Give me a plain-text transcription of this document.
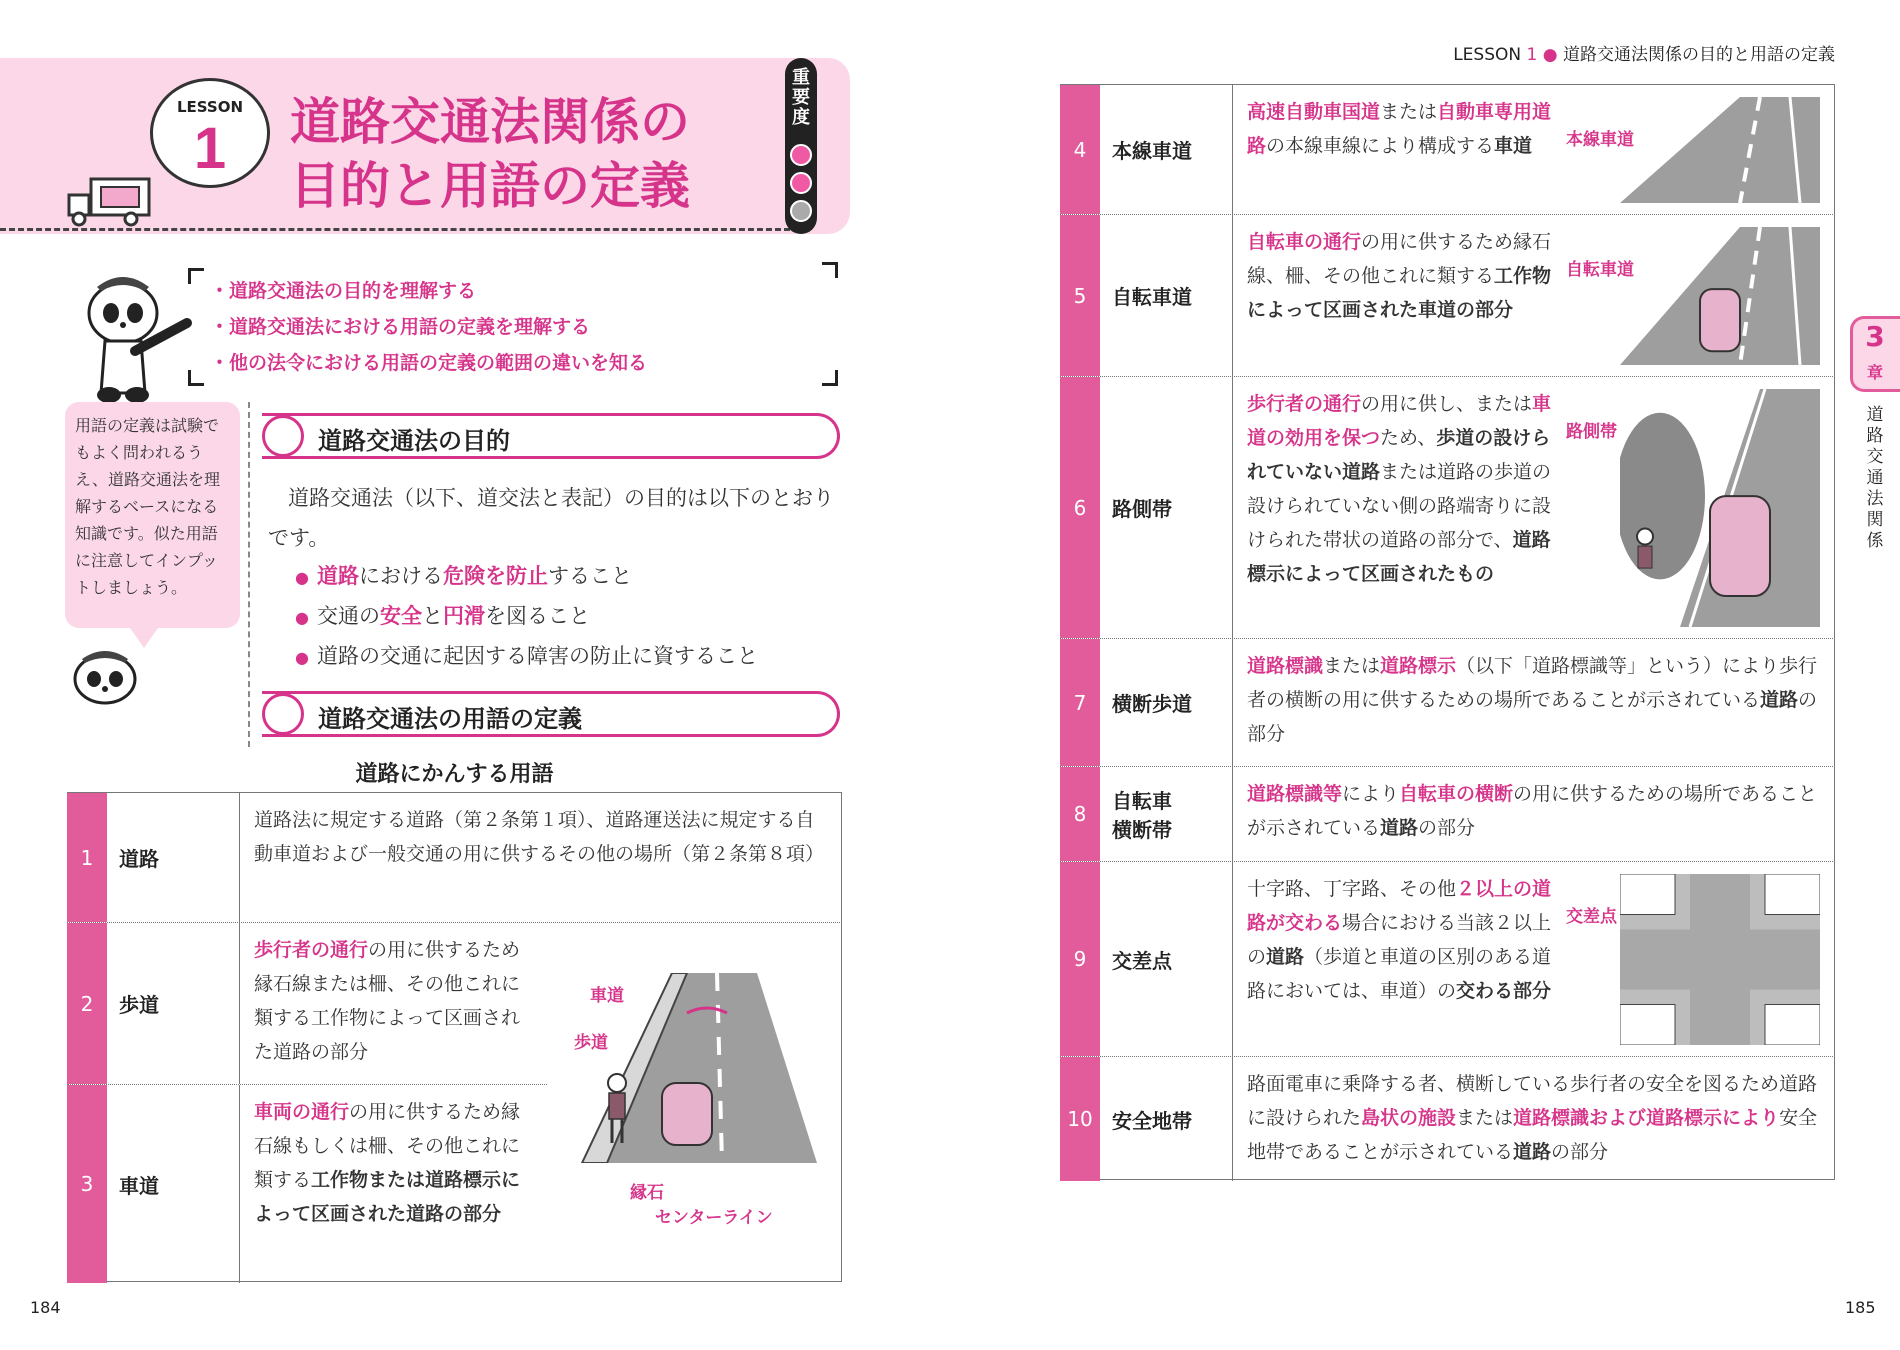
LESSON
1	道路交通法関係の
目的と用語の定義
重
要
度
・道路交通法の目的を理解する
・道路交通法における用語の定義を理解する
・他の法令における用語の定義の範囲の違いを知る
用語の定義は試験でもよく問われるうえ、道路交通法を理解するベースになる知識です。似た用語に注意してインプットしましょう。
道路交通法の目的
道路交通法（以下、道交法と表記）の目的は以下のとおりです。
● 道路における危険を防止すること
● 交通の安全と円滑を図ること
● 道路の交通に起因する障害の防止に資すること
道路交通法の用語の定義
道路にかんする用語
1	道路
道路法に規定する道路（第２条第１項）、道路運送法に規定する自動車道および一般交通の用に供するその他の場所（第２条第８項）
2	歩道
歩行者の通行の用に供するため縁石線または柵、その他これに類する工作物によって区画された道路の部分
3	車道
車両の通行の用に供するため縁石線もしくは柵、その他これに類する工作物または道路標示によって区画された道路の部分
車道
歩道
縁石
センターライン
184
LESSON 1 ● 道路交通法関係の目的と用語の定義
4	本線車道
高速自動車国道または自動車専用道路の本線車線により構成する車道	本線車道
5	自転車道
自転車の通行の用に供するため縁石線、柵、その他これに類する工作物によって区画された車道の部分
自転車道
6	路側帯
歩行者の通行の用に供し、または車道の効用を保つため、歩道の設けられていない道路または道路の歩道の設けられていない側の路端寄りに設けられた帯状の道路の部分で、道路標示によって区画されたもの
路側帯
7	横断歩道
道路標識または道路標示（以下「道路標識等」という）により歩行者の横断の用に供するための場所であることが示されている道路の部分
8
自転車
横断帯
道路標識等により自転車の横断の用に供するための場所であることが示されている道路の部分
9	交差点
十字路、丁字路、その他２以上の道路が交わる場合における当該２以上の道路（歩道と車道の区別のある道路においては、車道）の交わる部分
交差点
10 安全地帯
路面電車に乗降する者、横断している歩行者の安全を図るため道路に設けられた島状の施設または道路標識および道路標示により安全地帯であることが示されている道路の部分
3
章
道路交通法関係
185
